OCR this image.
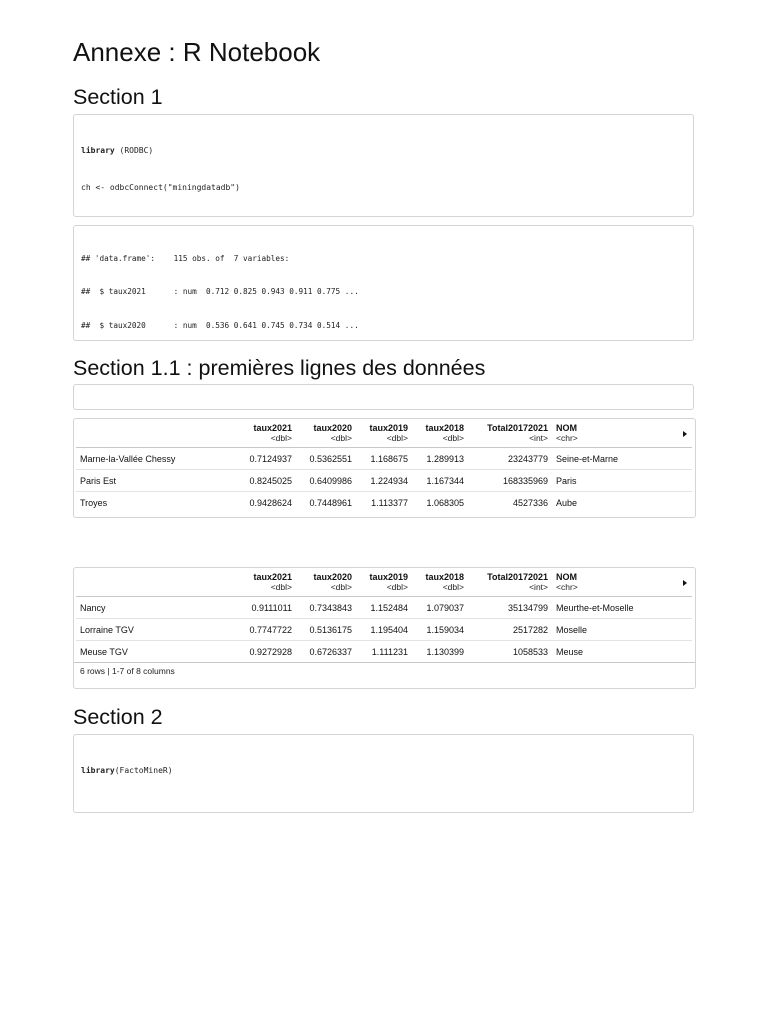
Annexe : R Notebook
Section 1

library (RODBC)

ch <- odbcConnect("miningdatadb")

## 'data.frame':    115 obs. of  7 variables:

##  $ taux2021      : num  0.712 0.825 0.943 0.911 0.775 ...

##  $ taux2020      : num  0.536 0.641 0.745 0.734 0.514 ...

Section 1.1 : premières lignes des données

	taux2021	taux2020	taux2019	taux2018	Total20172021	NOM
	<dbl>	<dbl>	<dbl>	<dbl>	<int>	<chr>
Marne-la-Vallée Chessy	0.7124937	0.5362551	1.168675	1.289913	23243779	Seine-et-Marne
Paris Est	0.8245025	0.6409986	1.224934	1.167344	168335969	Paris
Troyes	0.9428624	0.7448961	1.113377	1.068305	4527336	Aube
	taux2021	taux2020	taux2019	taux2018	Total20172021	NOM
	<dbl>	<dbl>	<dbl>	<dbl>	<int>	<chr>
Nancy	0.9111011	0.7343843	1.152484	1.079037	35134799	Meurthe-et-Moselle
Lorraine TGV	0.7747722	0.5136175	1.195404	1.159034	2517282	Moselle
Meuse TGV	0.9272928	0.6726337	1.111231	1.130399	1058533	Meuse
6 rows | 1-7 of 8 columns
Section 2

library(FactoMineR)
